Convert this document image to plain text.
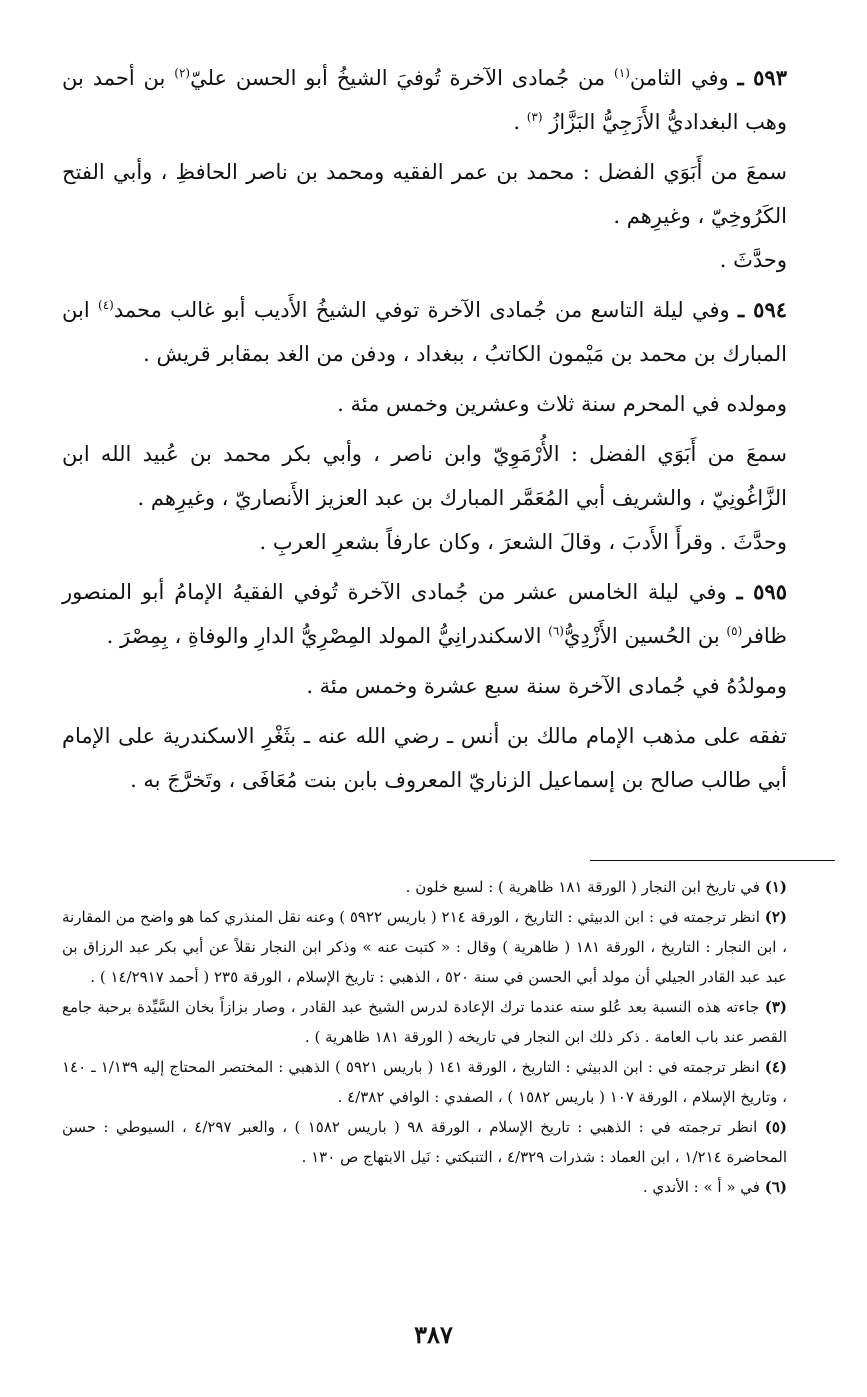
٥٩٣ ـ وفي الثامن$^{(١)}$ من جُمادى الآخرة تُوفيَ الشيخُ أبو الحسن عليّ$^{(٢)}$ بن أحمد بن وهب البغداديُّ الأَزَجِيُّ البَزَّازُ $^{(٣)}$ .

سمعَ من أَبَوَي الفضل : محمد بن عمر الفقيه ومحمد بن ناصر الحافظِ ، وأبي الفتح الكَرُوخِيّ ، وغيرِهم .

وحدَّثَ .

٥٩٤ ـ وفي ليلة التاسع من جُمادى الآخرة توفي الشيخُ الأَديب أبو غالب محمد$^{(٤)}$ ابن المبارك بن محمد بن مَيْمون الكاتبُ ، ببغداد ، ودفن من الغد بمقابر قريش .

ومولده في المحرم سنة ثلاث وعشرين وخمس مئة .

سمعَ من أَبَوَي الفضل : الأُرْمَوِيّ وابن ناصر ، وأبي بكر محمد بن عُبيد الله ابن الزَّاغُونِيّ ، والشريف أبي المُعَمَّر المبارك بن عبد العزيز الأَنصاريّ ، وغيرِهم .

وحدَّثَ . وقرأَ الأَدبَ ، وقالَ الشعرَ ، وكان عارفاً بشعرِ العربِ .

٥٩٥ ـ وفي ليلة الخامس عشر من جُمادى الآخرة تُوفي الفقيهُ الإمامُ أبو المنصور ظافر$^{(٥)}$ بن الحُسين الأَزْدِيُّ$^{(٦)}$ الاسكندرانِيُّ المولد المِصْرِيُّ الدارِ والوفاةِ ، بِمِصْرَ .

ومولدُهُ في جُمادى الآخرة سنة سبع عشرة وخمس مئة .

تفقه على مذهب الإمام مالك بن أنس ـ رضي الله عنه ـ بثَغْرِ الاسكندرية على الإمام أبي طالب صالح بن إسماعيل الزناريّ المعروف بابن بنت مُعَافَى ، وتَخرَّجَ به .

(١) في تاريخ ابن النجار ( الورقة ١٨١ ظاهرية ) : لسبع خلون .

(٢) انظر ترجمته في : ابن الدبيثي : التاريخ ، الورقة ٢١٤ ( باريس ٥٩٢٢ ) وعنه نقل المنذري كما هو واضح من المقارنة ، ابن النجار : التاريخ ، الورقة ١٨١ ( ظاهرية ) وقال : « كتبت عنه » وذكر ابن النجار نقلاً عن أبي بكر عبد الرزاق بن عبد عبد القادر الجيلي أن مولد أبي الحسن في سنة ٥٢٠ ، الذهبي : تاريخ الإسلام ، الورقة ٢٣٥ ( أحمد ١٤/٢٩١٧ ) .

(٣) جاءته هذه النسبة بعد عُلو سنه عندما ترك الإعادة لدرس الشيخ عبد القادر ، وصار بزازاً بخان السَّيِّدة برحبة جامع القصر عند باب العامة . ذكر ذلك ابن النجار في تاريخه ( الورقة ١٨١ ظاهرية ) .

(٤) انظر ترجمته في : ابن الدبيثي : التاريخ ، الورقة ١٤١ ( باريس ٥٩٢١ ) الذهبي : المختصر المحتاج إليه ١/١٣٩ ـ ١٤٠ ، وتاريخ الإسلام ، الورقة ١٠٧ ( باريس ١٥٨٢ ) ، الصفدي : الوافي ٤/٣٨٢ .

(٥) انظر ترجمته في : الذهبي : تاريخ الإسلام ، الورقة ٩٨ ( باريس ١٥٨٢ ) ، والعبر ٤/٢٩٧ ، السيوطي : حسن المحاضرة ١/٢١٤ ، ابن العماد : شذرات ٤/٣٢٩ ، التنبكتي : نَيل الابتهاج ص ١٣٠ .

(٦) في « أ » : الأندي .

٣٨٧
